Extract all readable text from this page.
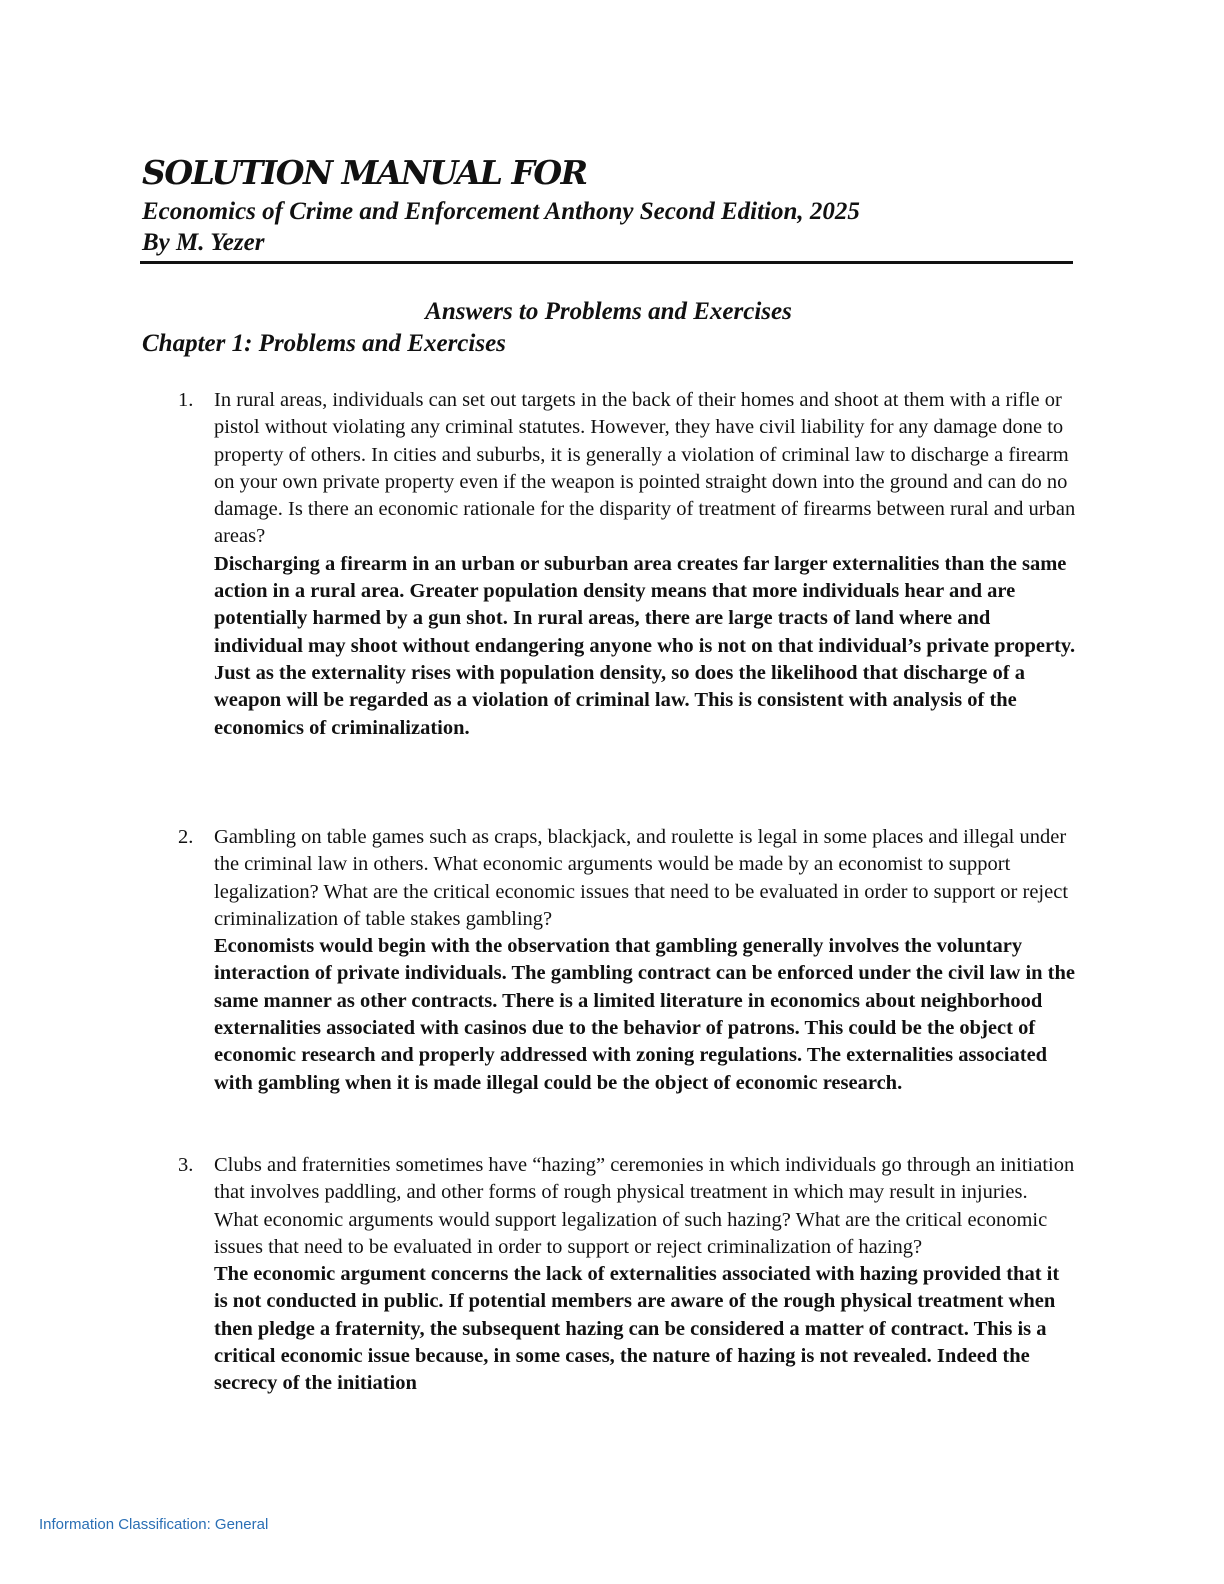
SOLUTION MANUAL FOR
Economics of Crime and Enforcement Anthony Second Edition, 2025
By M. Yezer
Answers to Problems and Exercises
Chapter 1: Problems and Exercises
1. In rural areas, individuals can set out targets in the back of their homes and shoot at them with a rifle or pistol without violating any criminal statutes. However, they have civil liability for any damage done to property of others. In cities and suburbs, it is generally a violation of criminal law to discharge a firearm on your own private property even if the weapon is pointed straight down into the ground and can do no damage. Is there an economic rationale for the disparity of treatment of firearms between rural and urban areas?

Discharging a firearm in an urban or suburban area creates far larger externalities than the same action in a rural area. Greater population density means that more individuals hear and are potentially harmed by a gun shot. In rural areas, there are large tracts of land where and individual may shoot without endangering anyone who is not on that individual’s private property. Just as the externality rises with population density, so does the likelihood that discharge of a weapon will be regarded as a violation of criminal law. This is consistent with analysis of the economics of criminalization.

2. Gambling on table games such as craps, blackjack, and roulette is legal in some places and illegal under the criminal law in others. What economic arguments would be made by an economist to support legalization? What are the critical economic issues that need to be evaluated in order to support or reject criminalization of table stakes gambling?

Economists would begin with the observation that gambling generally involves the voluntary interaction of private individuals. The gambling contract can be enforced under the civil law in the same manner as other contracts. There is a limited literature in economics about neighborhood externalities associated with casinos due to the behavior of patrons. This could be the object of economic research and properly addressed with zoning regulations. The externalities associated with gambling when it is made illegal could be the object of economic research.

3. Clubs and fraternities sometimes have “hazing” ceremonies in which individuals go through an initiation that involves paddling, and other forms of rough physical treatment in which may result in injuries. What economic arguments would support legalization of such hazing? What are the critical economic issues that need to be evaluated in order to support or reject criminalization of hazing?

The economic argument concerns the lack of externalities associated with hazing provided that it is not conducted in public. If potential members are aware of the rough physical treatment when then pledge a fraternity, the subsequent hazing can be considered a matter of contract. This is a critical economic issue because, in some cases, the nature of hazing is not revealed. Indeed the secrecy of the initiation

Information Classification: General
